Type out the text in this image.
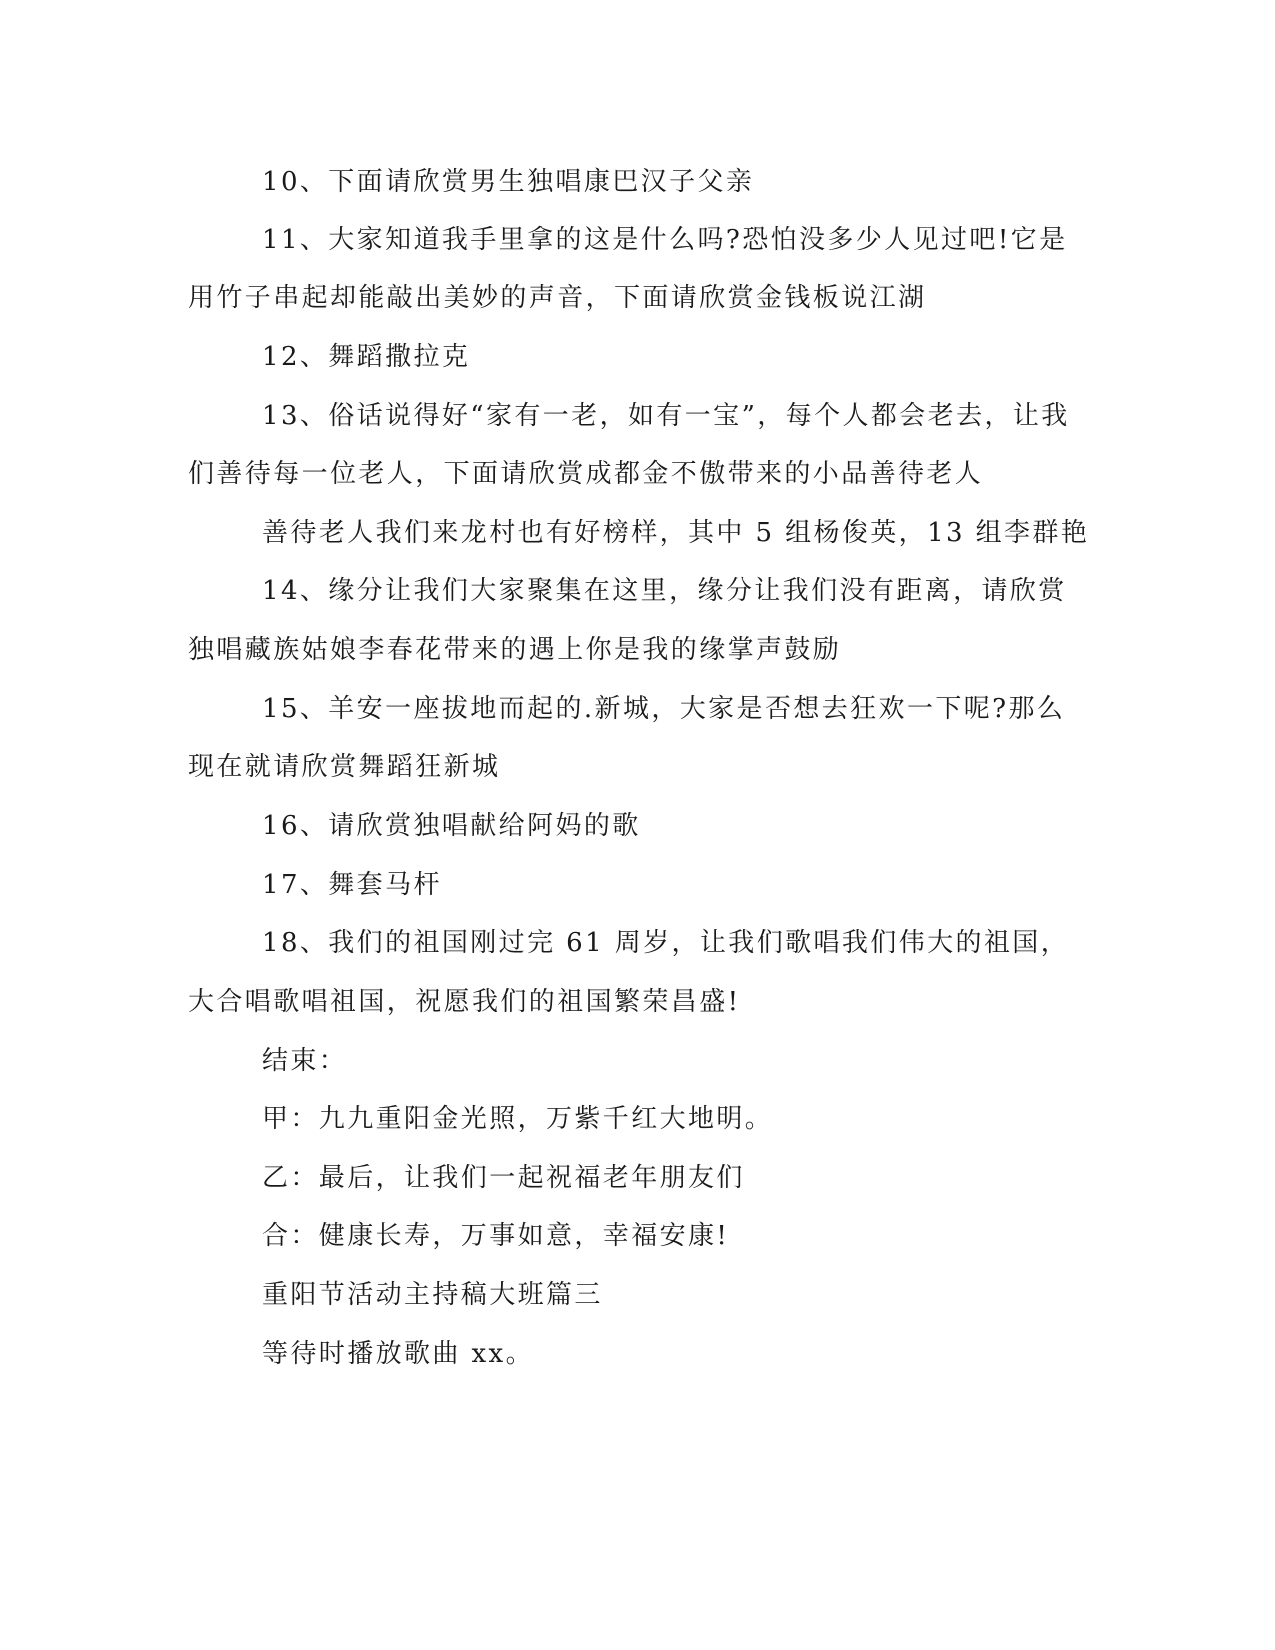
10、下面请欣赏男生独唱康巴汉子父亲
11、大家知道我手里拿的这是什么吗?恐怕没多少人见过吧!它是
用竹子串起却能敲出美妙的声音，下面请欣赏金钱板说江湖
12、舞蹈撒拉克
13、俗话说得好“家有一老，如有一宝”，每个人都会老去，让我
们善待每一位老人，下面请欣赏成都金不傲带来的小品善待老人
善待老人我们来龙村也有好榜样，其中 5 组杨俊英，13 组李群艳
14、缘分让我们大家聚集在这里，缘分让我们没有距离，请欣赏
独唱藏族姑娘李春花带来的遇上你是我的缘掌声鼓励
15、羊安一座拔地而起的.新城，大家是否想去狂欢一下呢?那么
现在就请欣赏舞蹈狂新城
16、请欣赏独唱献给阿妈的歌
17、舞套马杆
18、我们的祖国刚过完 61 周岁，让我们歌唱我们伟大的祖国，
大合唱歌唱祖国，祝愿我们的祖国繁荣昌盛!
结束：
甲：九九重阳金光照，万紫千红大地明。
乙：最后，让我们一起祝福老年朋友们
合：健康长寿，万事如意，幸福安康!
重阳节活动主持稿大班篇三
等待时播放歌曲 xx。
